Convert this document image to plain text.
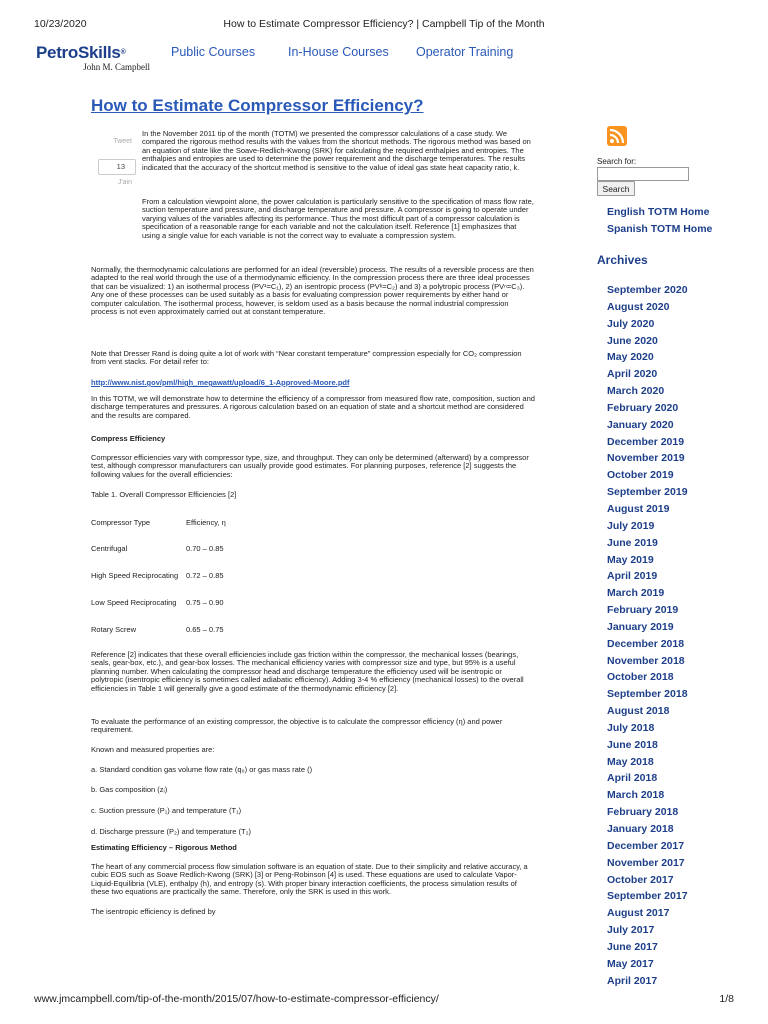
10/23/2020	How to Estimate Compressor Efficiency? | Campbell Tip of the Month
PetroSkills®
John M. Campbell
Public Courses	In-House Courses Operator Training
How to Estimate Compressor Efficiency?
Tweet
13
J'ain

In the November 2011 tip of the month (TOTM) we presented the compressor calculations of a case study. We compared the rigorous method results with the values from the shortcut methods. The rigorous method was based on an equation of state like the Soave-Redlich-Kwong (SRK) for calculating the required enthalpies and entropies. The enthalpies and entropies are used to determine the power requirement and the discharge temperatures. The results indicated that the accuracy of the shortcut method is sensitive to the value of ideal gas state heat capacity ratio, k.

From a calculation viewpoint alone, the power calculation is particularly sensitive to the specification of mass flow rate, suction temperature and pressure, and discharge temperature and pressure. A compressor is going to operate under varying values of the variables affecting its performance. Thus the most difficult part of a compressor calculation is specification of a reasonable range for each variable and not the calculation itself. Reference [1] emphasizes that using a single value for each variable is not the correct way to evaluate a compression system.

Normally, the thermodynamic calculations are performed for an ideal (reversible) process. The results of a reversible process are then adapted to the real world through the use of a thermodynamic efficiency. In the compression process there are three ideal processes that can be visualized: 1) an isothermal process (PV¹=C₁), 2) an isentropic process (PVᵏ=C₂) and 3) a polytropic process (PVⁿ=C₃). Any one of these processes can be used suitably as a basis for evaluating compression power requirements by either hand or computer calculation. The isothermal process, however, is seldom used as a basis because the normal industrial compression process is not even approximately carried out at constant temperature.

Note that Dresser Rand is doing quite a lot of work with “Near constant temperature” compression especially for CO₂ compression from vent stacks. For detail refer to:

http://www.nist.gov/pml/high_megawatt/upload/6_1-Approved-Moore.pdf

In this TOTM, we will demonstrate how to determine the efficiency of a compressor from measured flow rate, composition, suction and discharge temperatures and pressures. A rigorous calculation based on an equation of state and a shortcut method are considered and the results are compared.

Compress Efficiency

Compressor efficiencies vary with compressor type, size, and throughput. They can only be determined (afterward) by a compressor test, although compressor manufacturers can usually provide good estimates. For planning purposes, reference [2] suggests the following values for the overall efficiencies:

Table 1. Overall Compressor Efficiencies [2]

Compressor Type	Efficiency, η
Centrifugal	0.70 – 0.85
High Speed Reciprocating 0.72 – 0.85
Low Speed Reciprocating 0.75 – 0.90
Rotary Screw	0.65 – 0.75

Reference [2] indicates that these overall efficiencies include gas friction within the compressor, the mechanical losses (bearings, seals, gear-box, etc.), and gear-box losses. The mechanical efficiency varies with compressor size and type, but 95% is a useful planning number. When calculating the compressor head and discharge temperature the efficiency used will be isentropic or polytropic (isentropic efficiency is sometimes called adiabatic efficiency). Adding 3-4 % efficiency (mechanical losses) to the overall efficiencies in Table 1 will generally give a good estimate of the thermodynamic efficiency [2].

To evaluate the performance of an existing compressor, the objective is to calculate the compressor efficiency (η) and power requirement.

Known and measured properties are:

a. Standard condition gas volume flow rate (q₀) or gas mass rate ()

b. Gas composition (zᵢ)

c. Suction pressure (P₁) and temperature (T₁)

d. Discharge pressure (P₂) and temperature (T₂)

Estimating Efficiency – Rigorous Method

The heart of any commercial process flow simulation software is an equation of state. Due to their simplicity and relative accuracy, a cubic EOS such as Soave Redlich-Kwong (SRK) [3] or Peng-Robinson [4] is used. These equations are used to calculate Vapor-Liquid-Equilibria (VLE), enthalpy (h), and entropy (s). With proper binary interaction coefficients, the process simulation results of these two equations are practically the same. Therefore, only the SRK is used in this work.

The isentropic efficiency is defined by

Search for:
Search
English TOTM Home
Spanish TOTM Home
Archives
September 2020
August 2020
July 2020
June 2020
May 2020
April 2020
March 2020
February 2020
January 2020
December 2019
November 2019
October 2019
September 2019
August 2019
July 2019
June 2019
May 2019
April 2019
March 2019
February 2019
January 2019
December 2018
November 2018
October 2018
September 2018
August 2018
July 2018
June 2018
May 2018
April 2018
March 2018
February 2018
January 2018
December 2017
November 2017
October 2017
September 2017
August 2017
July 2017
June 2017
May 2017
April 2017
www.jmcampbell.com/tip-of-the-month/2015/07/how-to-estimate-compressor-efficiency/	1/8
